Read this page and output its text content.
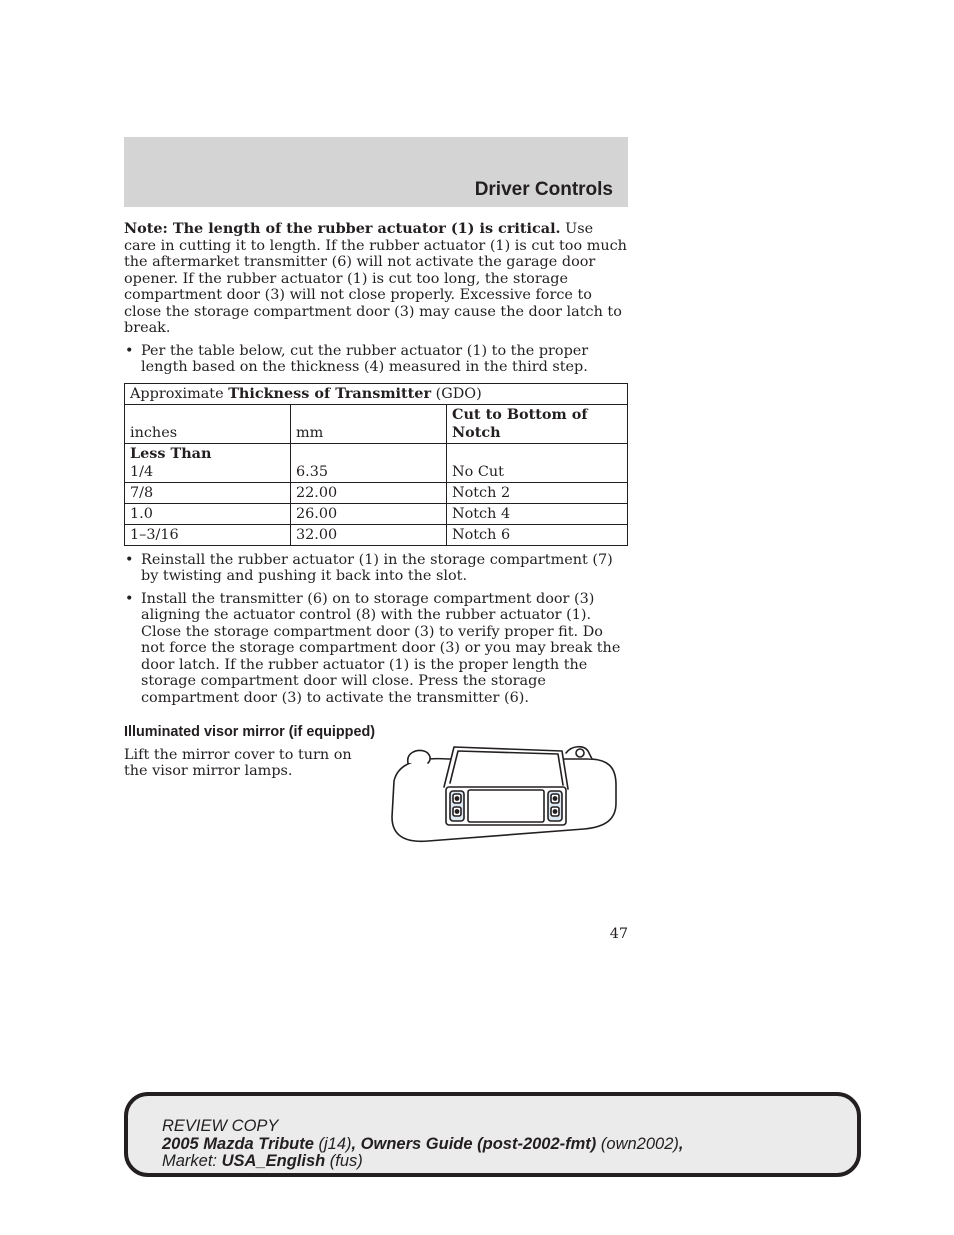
Driver Controls

Note: The length of the rubber actuator (1) is critical. Use care in cutting it to length. If the rubber actuator (1) is cut too much the aftermarket transmitter (6) will not activate the garage door opener. If the rubber actuator (1) is cut too long, the storage compartment door (3) will not close properly. Excessive force to close the storage compartment door (3) may cause the door latch to break.

• Per the table below, cut the rubber actuator (1) to the proper length based on the thickness (4) measured in the third step.
Approximate Thickness of Transmitter (GDO)		
inches	mm	Cut to Bottom of Notch

Less Than
1/4	6.35	No Cut
7/8	22.00	Notch 2
1.0	26.00	Notch 4
1–3/16	32.00	Notch 6
• Reinstall the rubber actuator (1) in the storage compartment (7) by twisting and pushing it back into the slot.
• Install the transmitter (6) on to storage compartment door (3) aligning the actuator control (8) with the rubber actuator (1). Close the storage compartment door (3) to verify proper fit. Do not force the storage compartment door (3) or you may break the door latch. If the rubber actuator (1) is the proper length the storage compartment door will close. Press the storage compartment door (3) to activate the transmitter (6).
Illuminated visor mirror (if equipped)
Lift the mirror cover to turn on the visor mirror lamps.
47
REVIEW COPY
2005 Mazda Tribute (j14), Owners Guide (post-2002-fmt) (own2002),
Market: USA_English (fus)
